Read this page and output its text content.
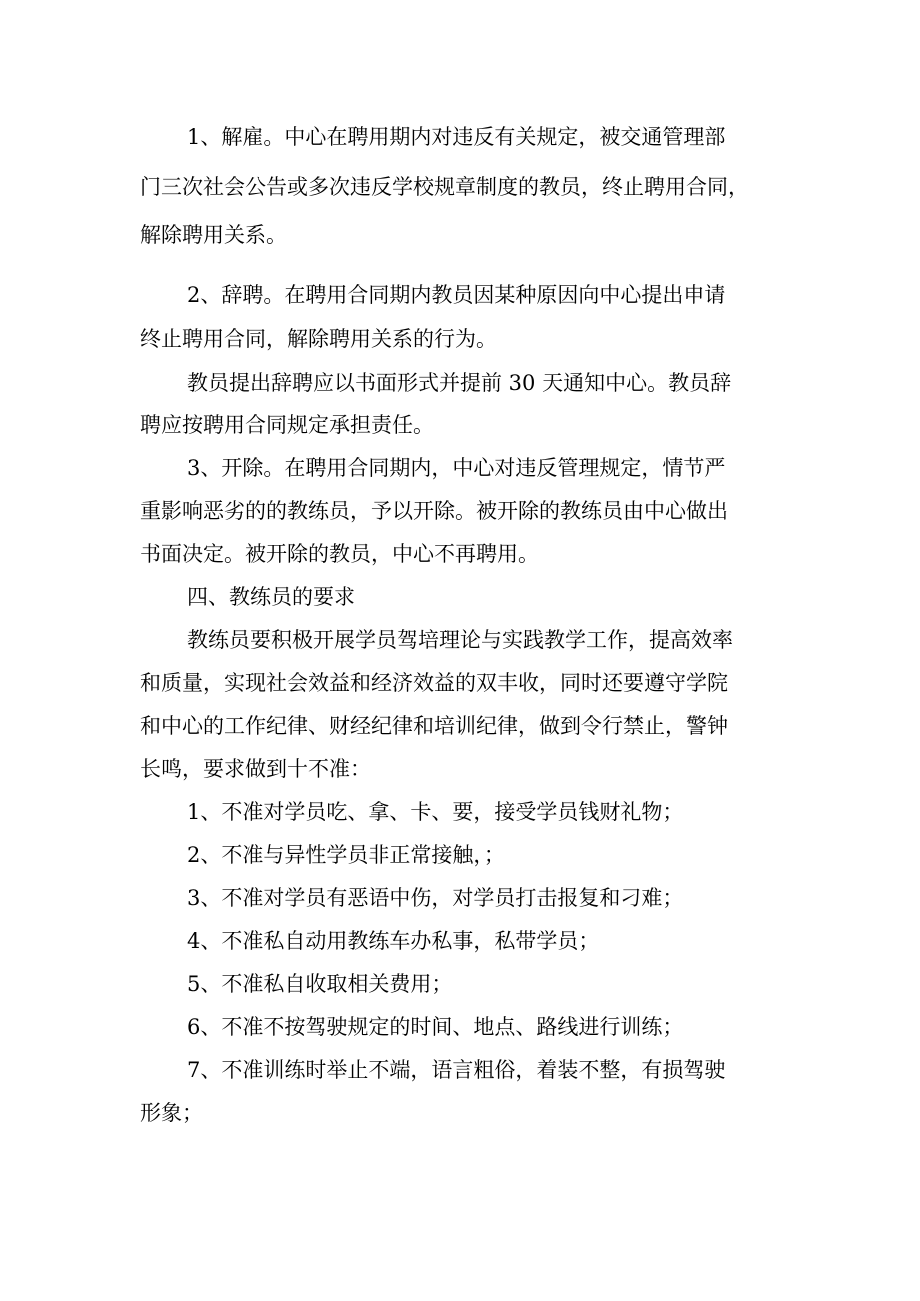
1、解雇。中心在聘用期内对违反有关规定，被交通管理部
门三次社会公告或多次违反学校规章制度的教员，终止聘用合同，
解除聘用关系。
2、辞聘。在聘用合同期内教员因某种原因向中心提出申请
终止聘用合同，解除聘用关系的行为。
教员提出辞聘应以书面形式并提前 30 天通知中心。教员辞
聘应按聘用合同规定承担责任。
3、开除。在聘用合同期内，中心对违反管理规定，情节严
重影响恶劣的的教练员，予以开除。被开除的教练员由中心做出
书面决定。被开除的教员，中心不再聘用。
四、教练员的要求
教练员要积极开展学员驾培理论与实践教学工作，提高效率
和质量，实现社会效益和经济效益的双丰收，同时还要遵守学院
和中心的工作纪律、财经纪律和培训纪律，做到令行禁止，警钟
长鸣，要求做到十不准：
1、不准对学员吃、拿、卡、要，接受学员钱财礼物；
2、不准与异性学员非正常接触，；
3、不准对学员有恶语中伤，对学员打击报复和刁难；
4、不准私自动用教练车办私事，私带学员；
5、不准私自收取相关费用；
6、不准不按驾驶规定的时间、地点、路线进行训练；
7、不准训练时举止不端，语言粗俗，着装不整，有损驾驶
形象；
